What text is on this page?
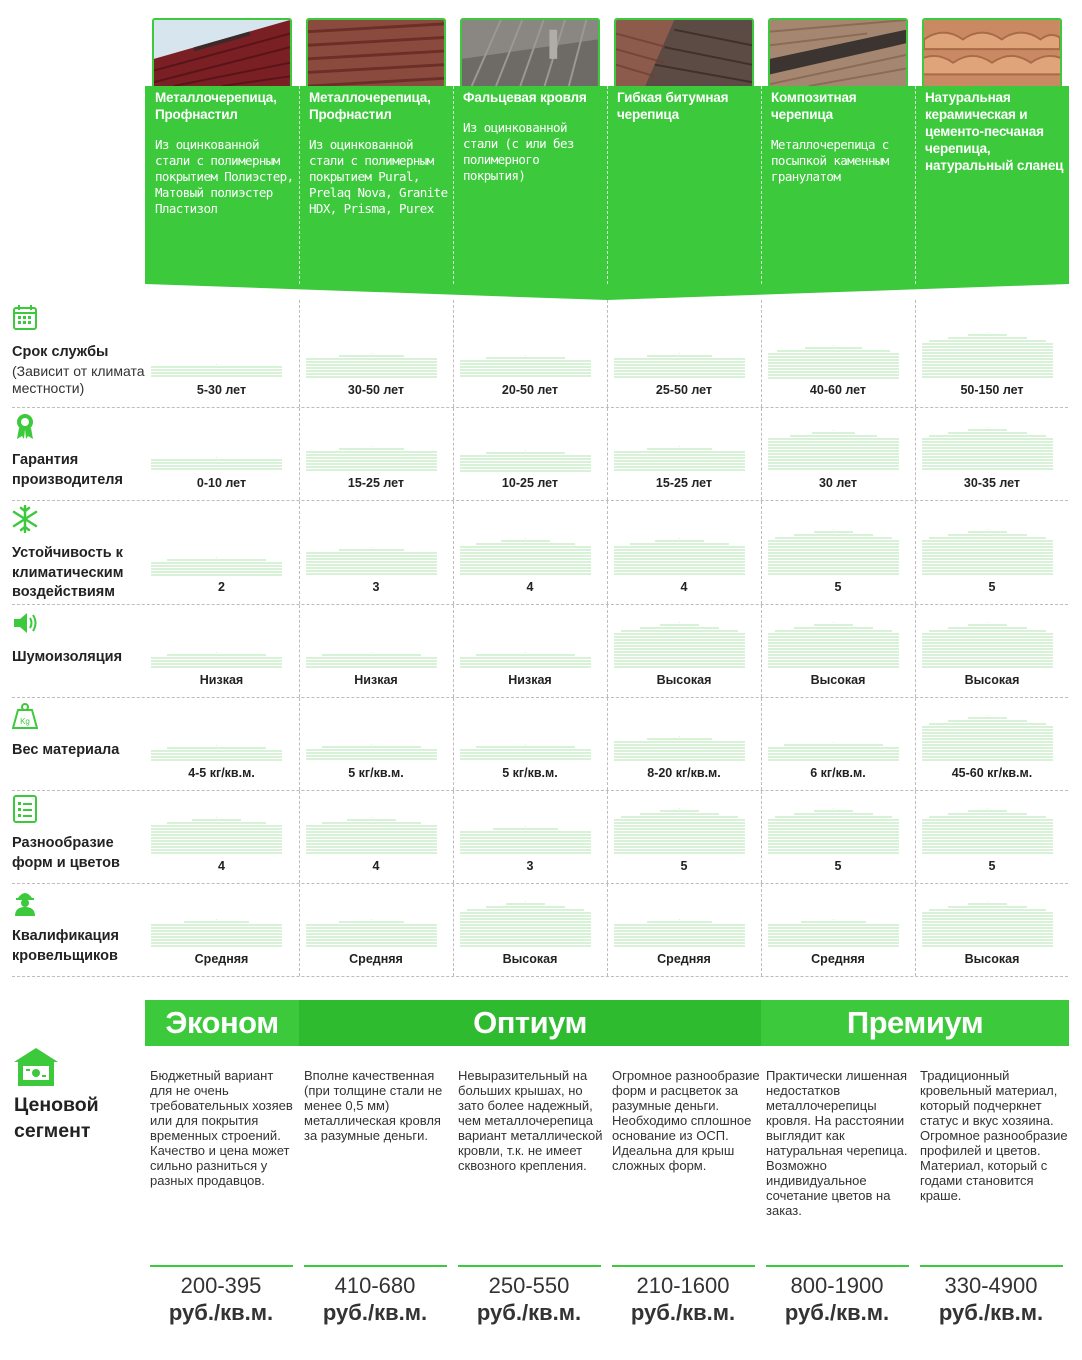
Металлочерепица, Профнастил
Из оцинкованной стали с полимерным покрытием Полиэстер, Матовый полиэстер Пластизол
Металлочерепица, Профнастил
Из оцинкованной стали с полимерным покрытием Pural, Prelaq Nova, Granite HDX, Prisma, Purex
Фальцевая кровля
Из оцинкованной стали (с или без полимерного покрытия)
Гибкая битумная черепица
Композитная черепица
Металлочерепица с посыпкой каменным гранулатом
Натуральная керамическая и цементо-песчаная черепица, натуральный сланец
Срок службы
(Зависит от климата местности)	5-30 лет	30-50 лет	20-50 лет	25-50 лет	40-60 лет	50-150 лет
Гарантия производителя	0-10 лет	15-25 лет	10-25 лет	15-25 лет	30 лет	30-35 лет
Устойчивость к климатическим воздействиям	2	3	4	4	5	5
Шумоизоляция
Низкая	Низкая	Низкая	Высокая	Высокая	Высокая
Kg
Вес материала
4-5 кг/кв.м.	5 кг/кв.м.	5 кг/кв.м.	8-20 кг/кв.м.	6 кг/кв.м.	45-60 кг/кв.м.
Разнообразие форм и цветов	4	4	3	5	5	5
Квалификация кровельщиков	Средняя	Средняя	Высокая	Средняя	Средняя	Высокая
Эконом	Оптиум	Премиум
Ценовой сегмент
Бюджетный вариант для не очень требовательных хозяев или для покрытия временных строений. Качество и цена может сильно разниться у разных продавцов.
200-395
руб./кв.м.
Вполне качественная (при толщине стали не менее 0,5 мм) металлическая кровля за разумные деньги.
410-680
руб./кв.м.
Невыразительный на больших крышах, но зато более надежный, чем металлочерепица вариант металлической кровли, т.к. не имеет сквозного крепления.
250-550
руб./кв.м.
Огромное разнообразие форм и расцветок за разумные деньги. Необходимо сплошное основание из ОСП. Идеальна для крыш сложных форм.
210-1600
руб./кв.м.
Практически лишенная недостатков металлочерепицы кровля. На расстоянии выглядит как натуральная черепица. Возможно индивидуальное сочетание цветов на заказ.
800-1900
руб./кв.м.
Традиционный кровельный материал, который подчеркнет статус и вкус хозяина. Огромное разнообразие профилей и цветов. Материал, который с годами становится краше.
330-4900
руб./кв.м.
